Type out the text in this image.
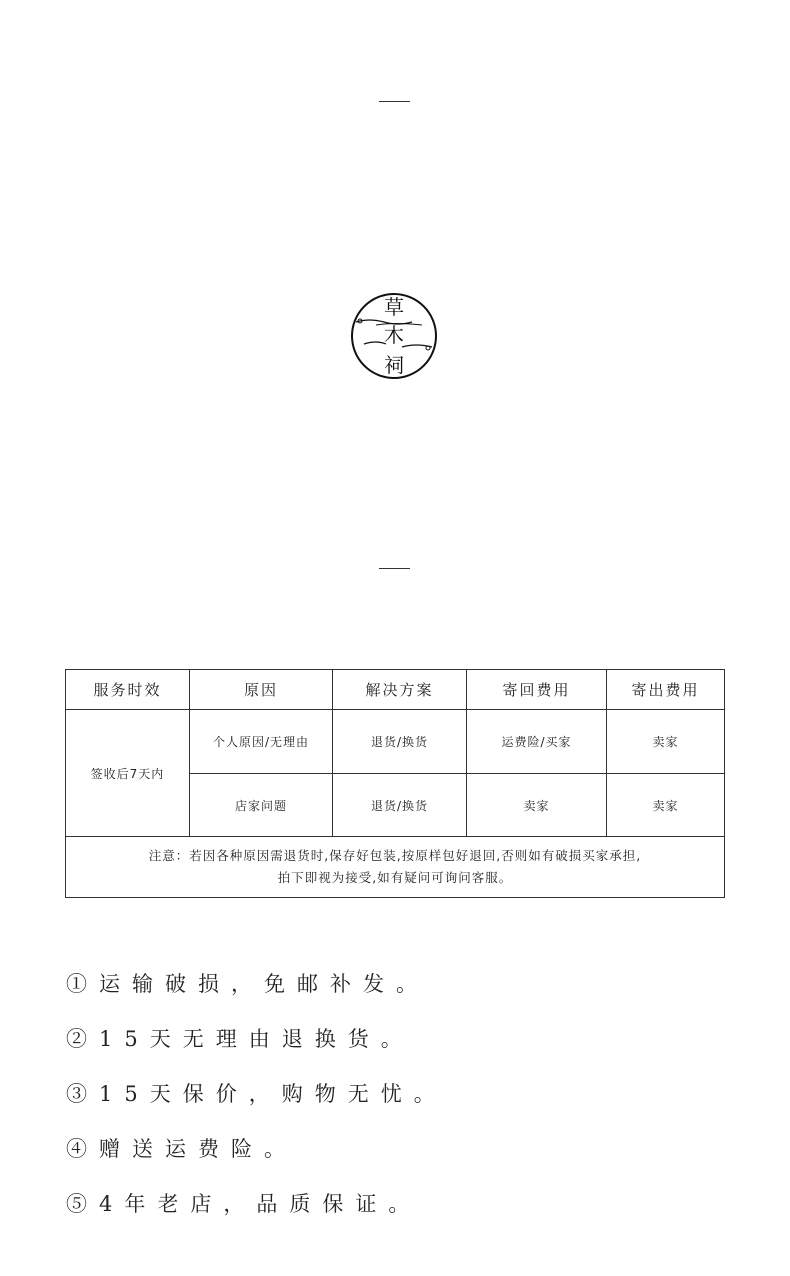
草
木
祠
服务时效	原因	解决方案	寄回费用	寄出费用
签收后7天内	个人原因/无理由	退货/换货	运费险/买家	卖家
	店家问题	退货/换货	卖家	卖家

注意：若因各种原因需退货时,保存好包装,按原样包好退回,否则如有破损买家承担,
拍下即视为接受,如有疑问可询问客服。				
①运输破损，免邮补发。
②15天无理由退换货。
③15天保价，购物无忧。
④赠送运费险。
⑤4年老店，品质保证。
